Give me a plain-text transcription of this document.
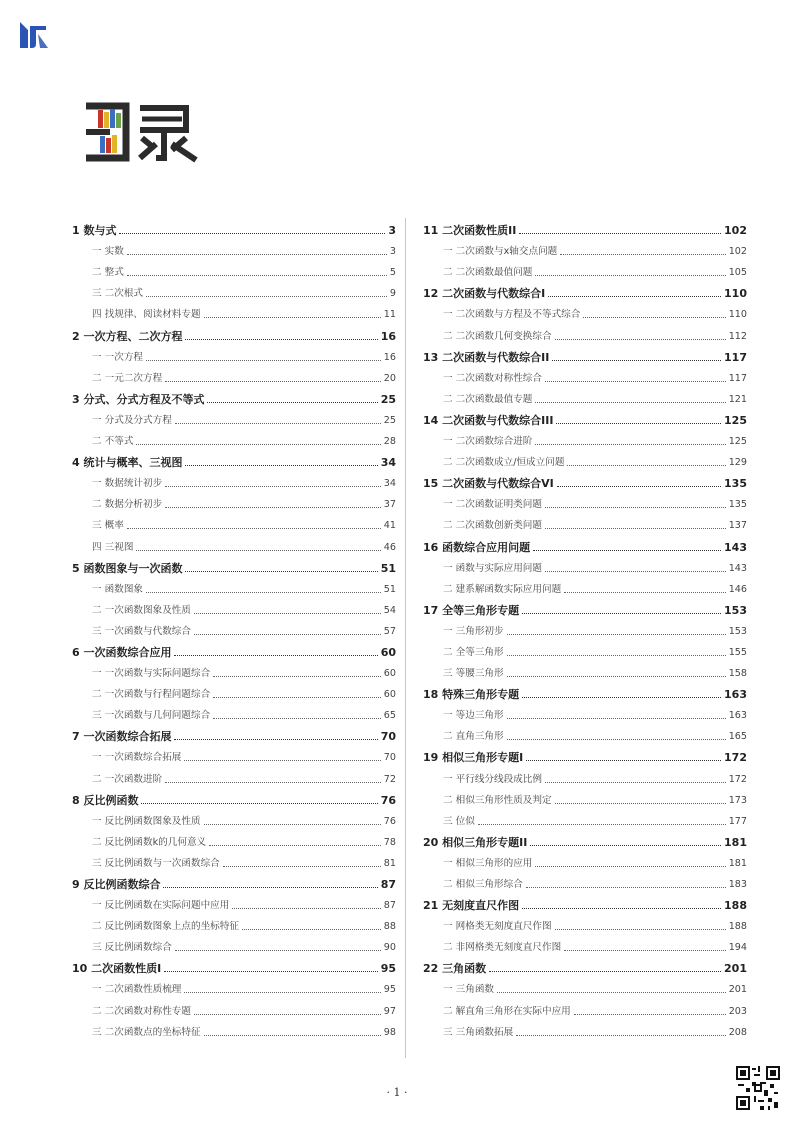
1 数与式	3
一 实数	3
二 整式	5
三 二次根式	9
四 找规律、阅读材料专题	11
2 一次方程、二次方程	16
一 一次方程	16
二 一元二次方程	20
3 分式、分式方程及不等式	25
一 分式及分式方程	25
二 不等式	28
4 统计与概率、三视图	34
一 数据统计初步	34
二 数据分析初步	37
三 概率	41
四 三视图	46
5 函数图象与一次函数	51
一 函数图象	51
二 一次函数图象及性质	54
三 一次函数与代数综合	57
6 一次函数综合应用	60
一 一次函数与实际问题综合	60
二 一次函数与行程问题综合	60
三 一次函数与几何问题综合	65
7 一次函数综合拓展	70
一 一次函数综合拓展	70
二 一次函数进阶	72
8 反比例函数	76
一 反比例函数图象及性质	76
二 反比例函数k的几何意义	78
三 反比例函数与一次函数综合	81
9 反比例函数综合	87
一 反比例函数在实际问题中应用	87
二 反比例函数图象上点的坐标特征	88
三 反比例函数综合	90
10 二次函数性质I	95
一 二次函数性质梳理	95
二 二次函数对称性专题	97
三 二次函数点的坐标特征	98
11 二次函数性质II	102
一 二次函数与x轴交点问题	102
二 二次函数最值问题	105
12 二次函数与代数综合I	110
一 二次函数与方程及不等式综合	110
二 二次函数几何变换综合	112
13 二次函数与代数综合II	117
一 二次函数对称性综合	117
二 二次函数最值专题	121
14 二次函数与代数综合III	125
一 二次函数综合进阶	125
二 二次函数成立/恒成立问题	129
15 二次函数与代数综合VI	135
一 二次函数证明类问题	135
二 二次函数创新类问题	137
16 函数综合应用问题	143
一 函数与实际应用问题	143
二 建系解函数实际应用问题	146
17 全等三角形专题	153
一 三角形初步	153
二 全等三角形	155
三 等腰三角形	158
18 特殊三角形专题	163
一 等边三角形	163
二 直角三角形	165
19 相似三角形专题I	172
一 平行线分线段成比例	172
二 相似三角形性质及判定	173
三 位似	177
20 相似三角形专题II	181
一 相似三角形的应用	181
二 相似三角形综合	183
21 无刻度直尺作图	188
一 网格类无刻度直尺作图	188
二 非网格类无刻度直尺作图	194
22 三角函数	201
一 三角函数	201
二 解直角三角形在实际中应用	203
三 三角函数拓展	208
· 1 ·
